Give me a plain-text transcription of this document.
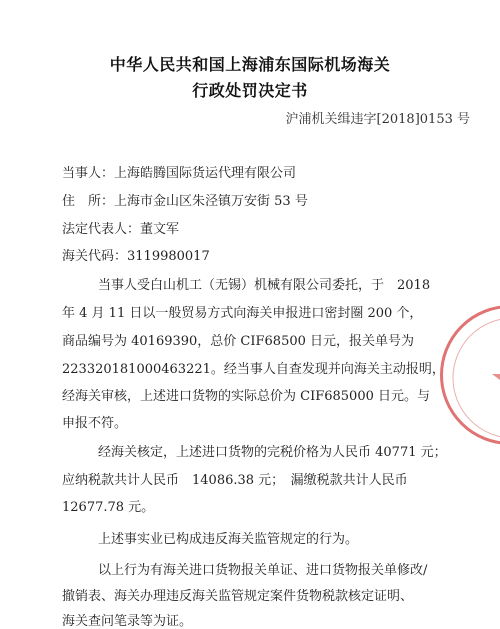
中华人民共和国上海浦东国际机场海关
行政处罚决定书
沪浦机关缉违字[2018]0153 号
当事人：上海皓腾国际货运代理有限公司
住　所：上海市金山区朱泾镇万安街 53 号
法定代表人：董文军
海关代码：3119980017
当事人受白山机工（无锡）机械有限公司委托，于　2018
年 4 月 11 日以一般贸易方式向海关申报进口密封圈 200 个，
商品编号为 40169390，总价 CIF68500 日元，报关单号为
223320181000463221。经当事人自查发现并向海关主动报明，
经海关审核，上述进口货物的实际总价为 CIF685000 日元。与
申报不符。
经海关核定，上述进口货物的完税价格为人民币 40771 元；
应纳税款共计人民币　14086.38 元；　漏缴税款共计人民币
12677.78 元。
上述事实业已构成违反海关监管规定的行为。
以上行为有海关进口货物报关单证、进口货物报关单修改/
撤销表、海关办理违反海关监管规定案件货物税款核定证明、
海关查问笔录等为证。
